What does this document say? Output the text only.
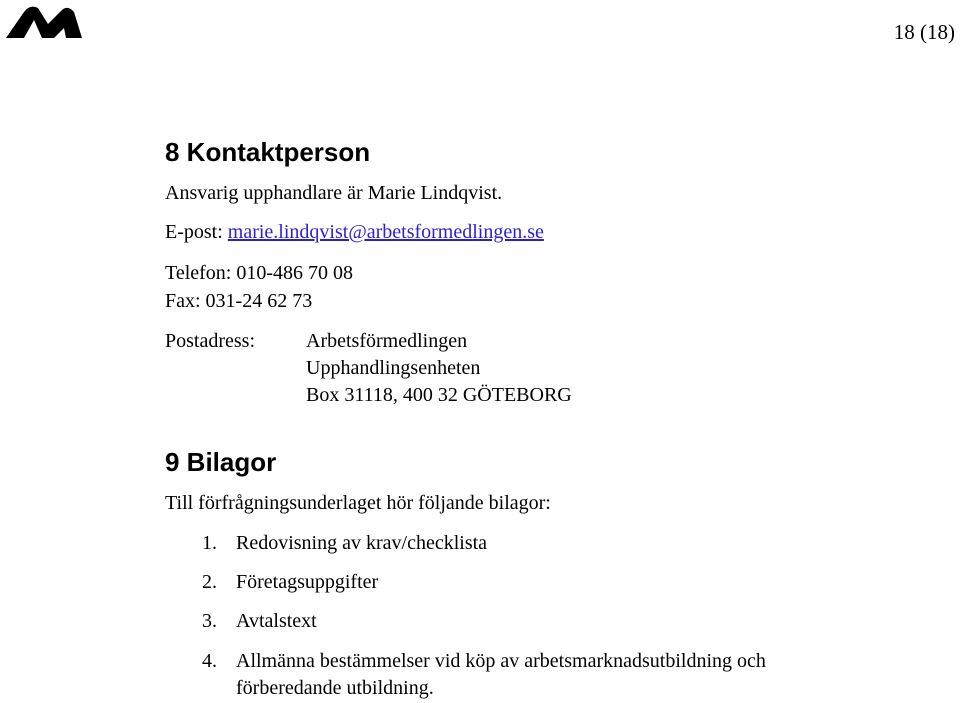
18 (18)
8 Kontaktperson
Ansvarig upphandlare är Marie Lindqvist.
E-post: marie.lindqvist@arbetsformedlingen.se
Telefon: 010-486 70 08
Fax: 031-24 62 73
Postadress:	Arbetsförmedlingen
Upphandlingsenheten
Box 31118, 400 32 GÖTEBORG
9 Bilagor
Till förfrågningsunderlaget hör följande bilagor:
1. Redovisning av krav/checklista
2. Företagsuppgifter
3. Avtalstext
4. Allmänna bestämmelser vid köp av arbetsmarknadsutbildning och
förberedande utbildning.
